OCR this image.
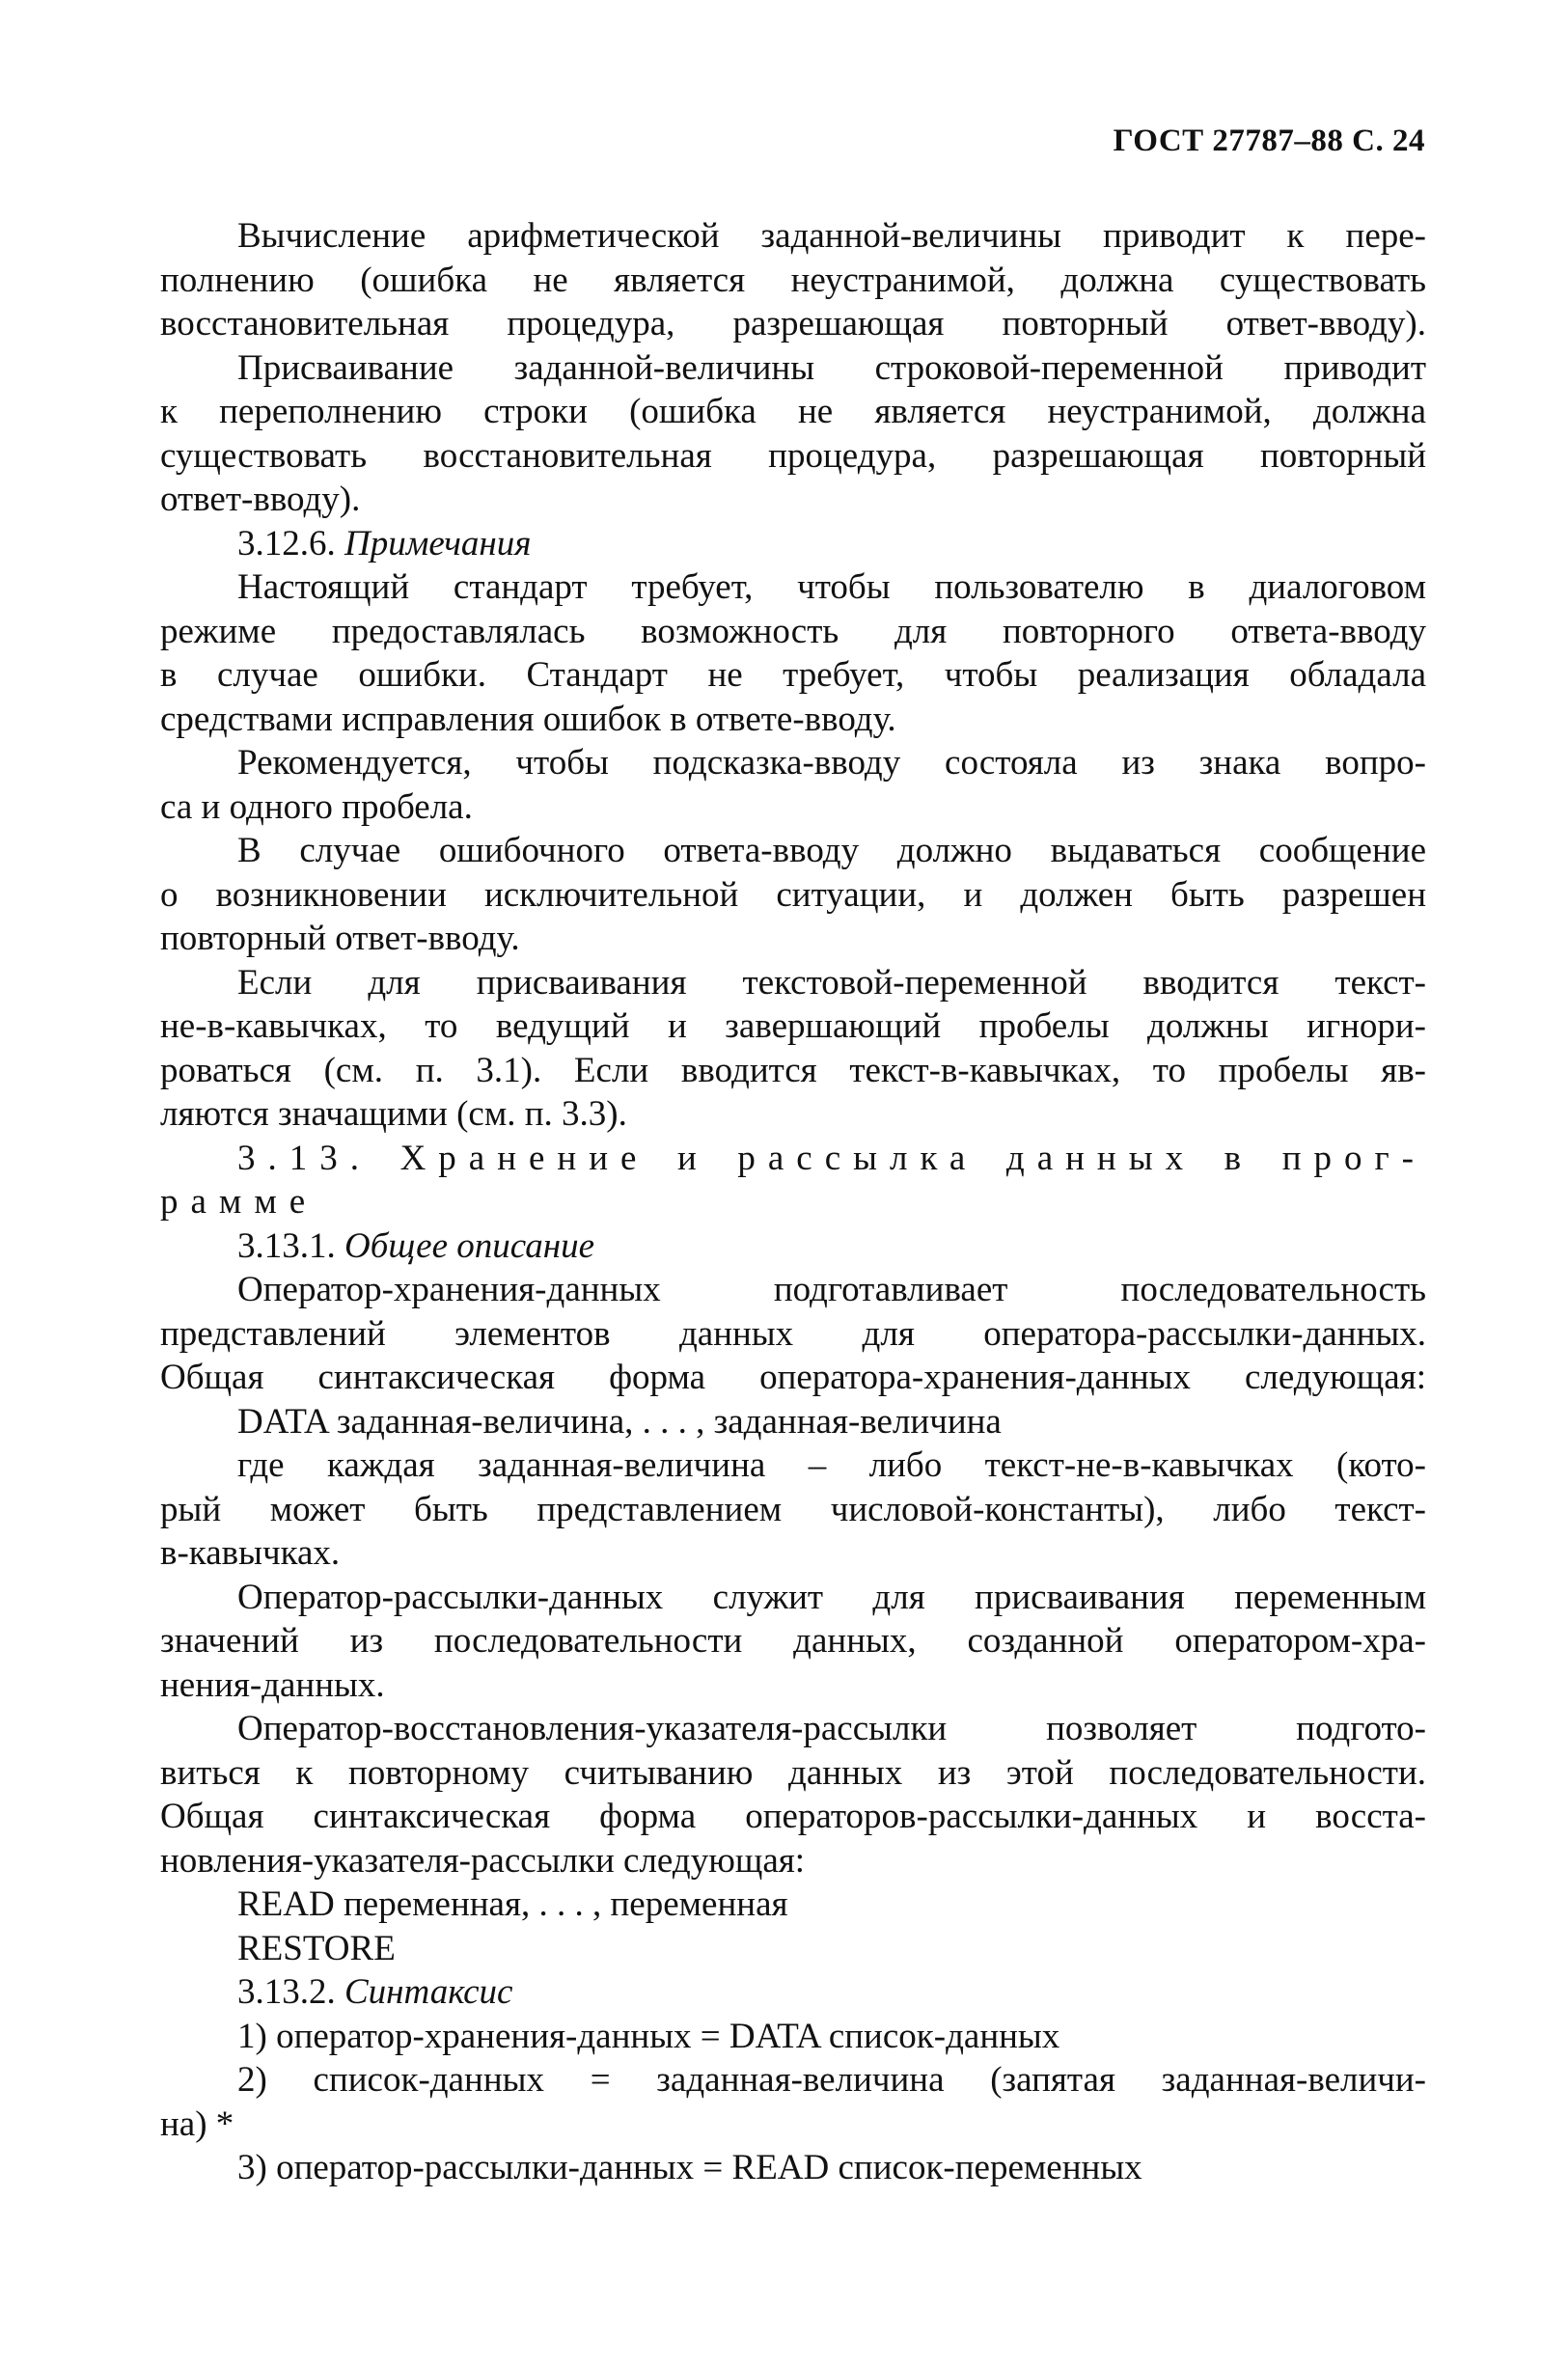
ГОСТ 27787–88 С. 24
Вычисление арифметической заданной-величины приводит к пере-
полнению (ошибка не является неустранимой, должна существовать
восстановительная процедура, разрешающая повторный ответ-вводу).
Присваивание заданной-величины строковой-переменной приводит
к переполнению строки (ошибка не является неустранимой, должна
существовать восстановительная процедура, разрешающая повторный
ответ-вводу).
3.12.6. Примечания
Настоящий стандарт требует, чтобы пользователю в диалоговом
режиме предоставлялась возможность для повторного ответа-вводу
в случае ошибки. Стандарт не требует, чтобы реализация обладала
средствами исправления ошибок в ответе-вводу.
Рекомендуется, чтобы подсказка-вводу состояла из знака вопро-
са и одного пробела.
В случае ошибочного ответа-вводу должно выдаваться сообщение
о возникновении исключительной ситуации, и должен быть разрешен
повторный ответ-вводу.
Если для присваивания текстовой-переменной вводится текст-
не-в-кавычках, то ведущий и завершающий пробелы должны игнори-
роваться (см. п. 3.1). Если вводится текст-в-кавычках, то пробелы яв-
ляются значащими (см. п. 3.3).
3.13. Хранение и рассылка данных в прог-
рамме
3.13.1. Общее описание
Оператор-хранения-данных подготавливает последовательность
представлений элементов данных для оператора-рассылки-данных.
Общая синтаксическая форма оператора-хранения-данных следующая:
DATA заданная-величина, . . . , заданная-величина
где каждая заданная-величина – либо текст-не-в-кавычках (кото-
рый может быть представлением числовой-константы), либо текст-
в-кавычках.
Оператор-рассылки-данных служит для присваивания переменным
значений из последовательности данных, созданной оператором-хра-
нения-данных.
Оператор-восстановления-указателя-рассылки позволяет подгото-
виться к повторному считыванию данных из этой последовательности.
Общая синтаксическая форма операторов-рассылки-данных и восста-
новления-указателя-рассылки следующая:
READ переменная, . . . , переменная
RESTORE
3.13.2. Синтаксис
1) оператор-хранения-данных = DATA список-данных
2) список-данных = заданная-величина (запятая заданная-величи-
на) *
3) оператор-рассылки-данных = READ список-переменных
